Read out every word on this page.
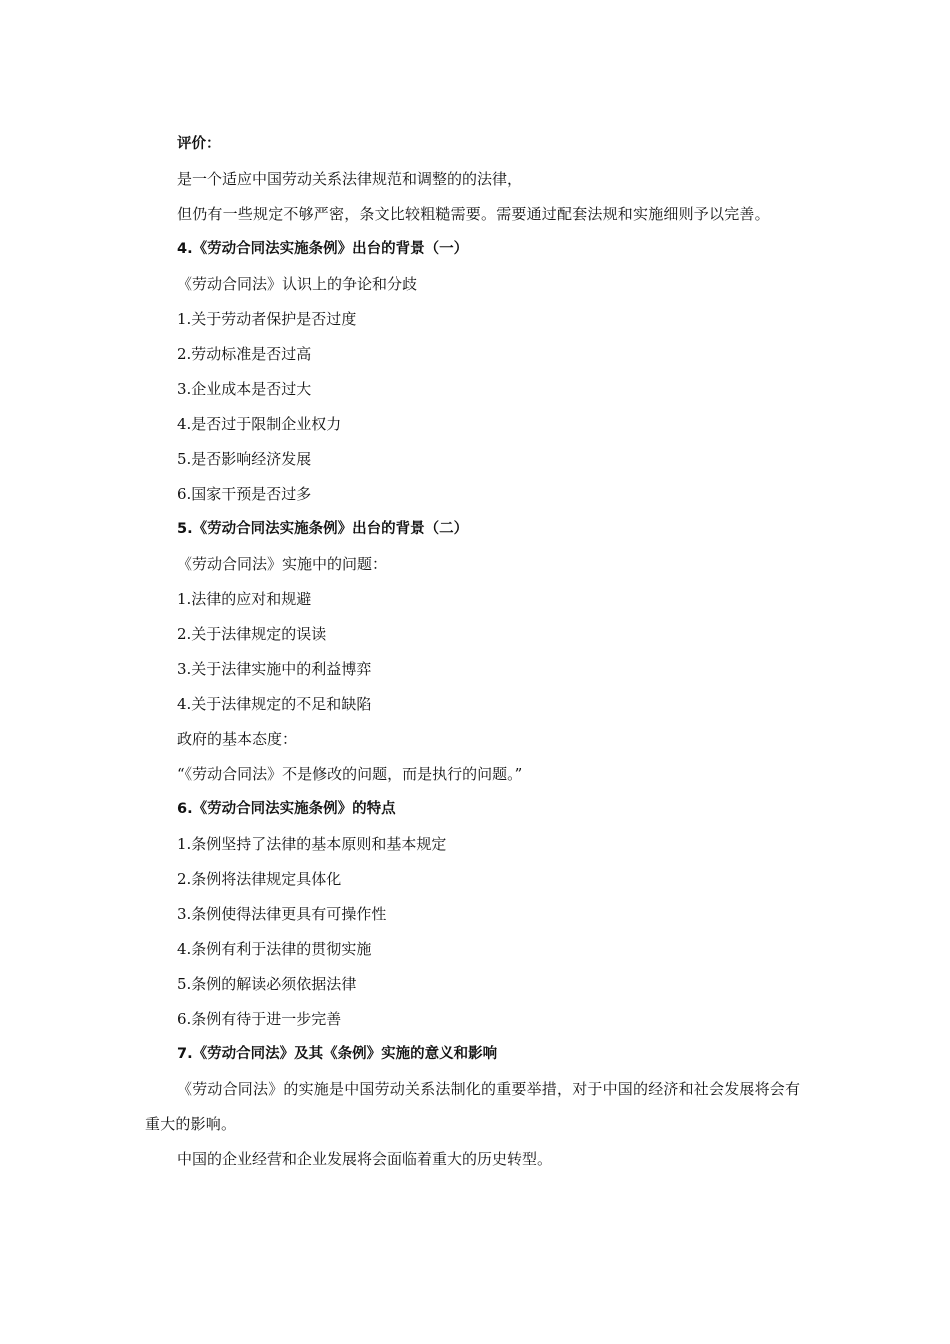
评价：

是一个适应中国劳动关系法律规范和调整的的法律，

但仍有一些规定不够严密，条文比较粗糙需要。需要通过配套法规和实施细则予以完善。

4.《劳动合同法实施条例》出台的背景（一）

《劳动合同法》认识上的争论和分歧

1.关于劳动者保护是否过度

2.劳动标准是否过高

3.企业成本是否过大

4.是否过于限制企业权力

5.是否影响经济发展

6.国家干预是否过多

5.《劳动合同法实施条例》出台的背景（二）

《劳动合同法》实施中的问题：

1.法律的应对和规避

2.关于法律规定的误读

3.关于法律实施中的利益博弈

4.关于法律规定的不足和缺陷

政府的基本态度：

“《劳动合同法》不是修改的问题，而是执行的问题。”

6.《劳动合同法实施条例》的特点

1.条例坚持了法律的基本原则和基本规定

2.条例将法律规定具体化

3.条例使得法律更具有可操作性

4.条例有利于法律的贯彻实施

5.条例的解读必须依据法律

6.条例有待于进一步完善

7.《劳动合同法》及其《条例》实施的意义和影响

《劳动合同法》的实施是中国劳动关系法制化的重要举措，对于中国的经济和社会发展将会有重大的影响。

中国的企业经营和企业发展将会面临着重大的历史转型。
